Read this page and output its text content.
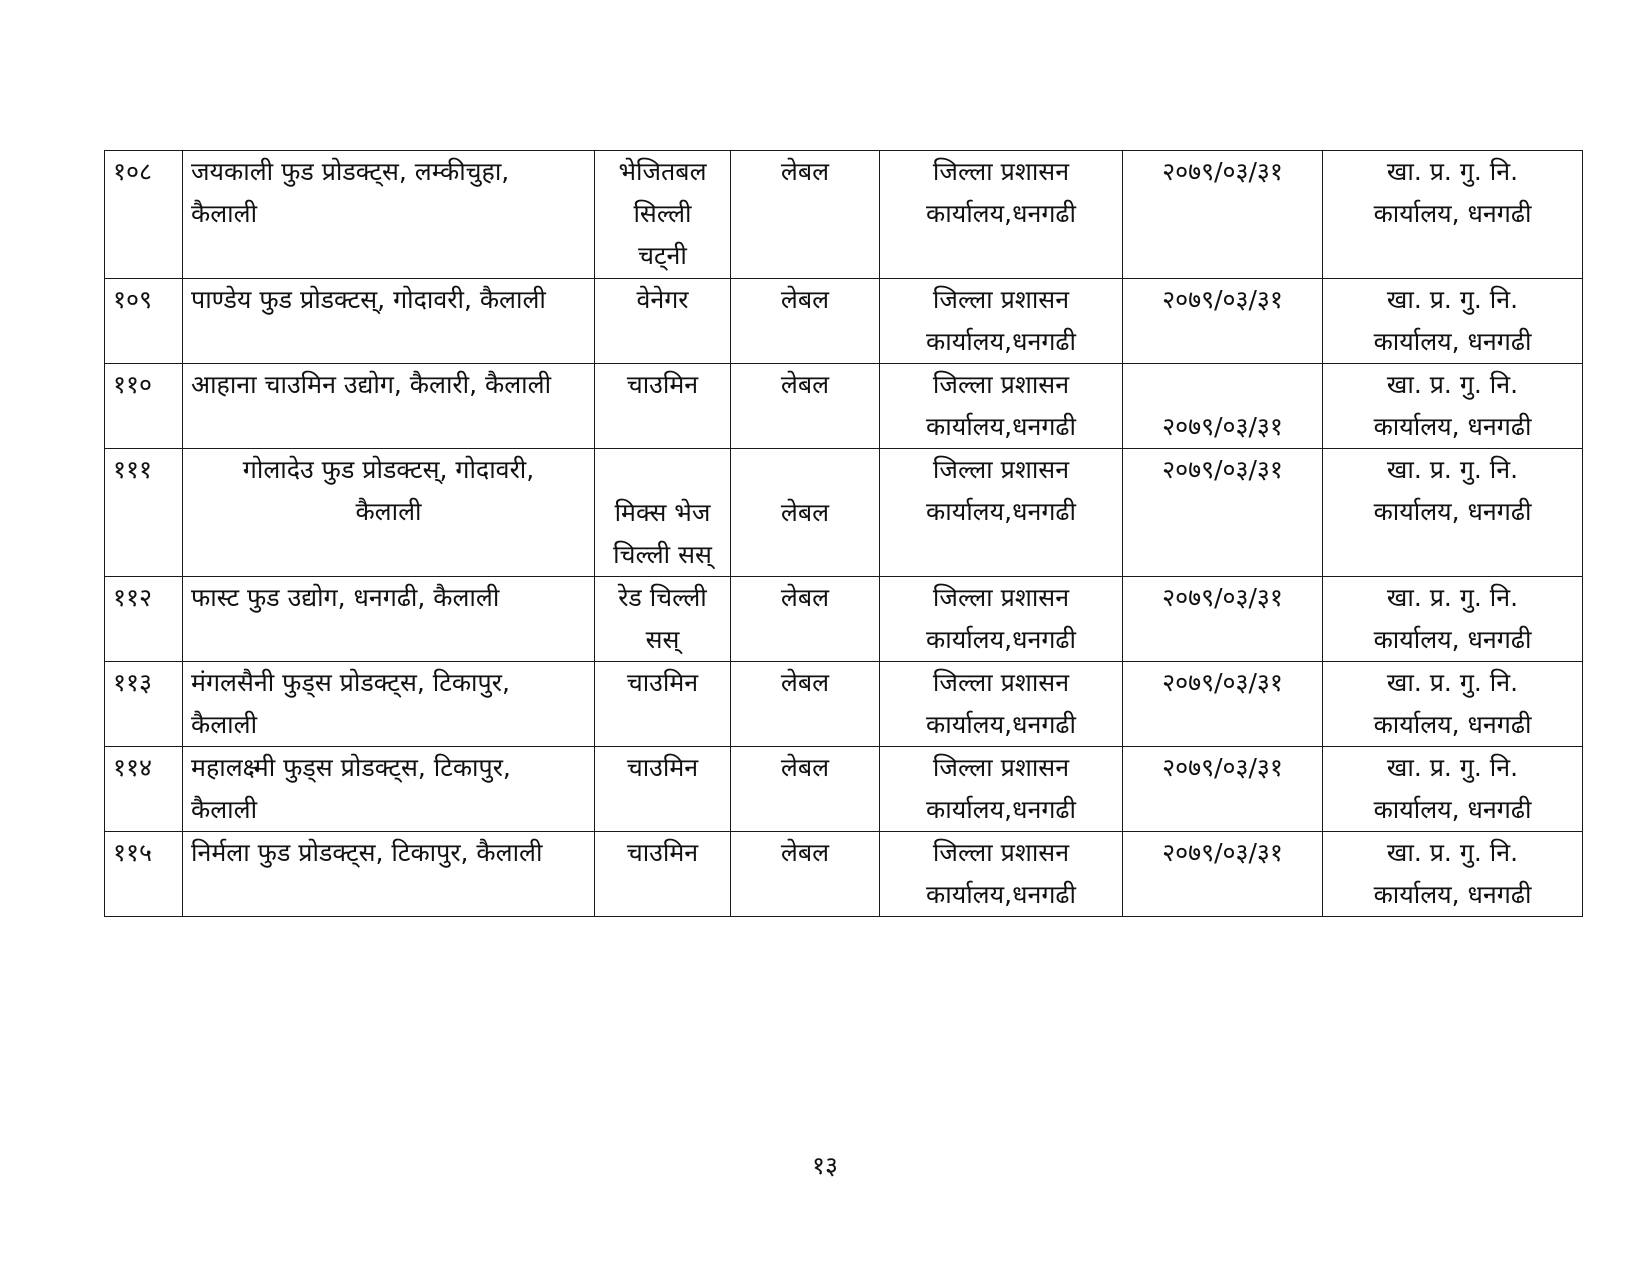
१०८	जयकाली फुड प्रोडक्ट्स, लम्कीचुहा,
कैलाली	भेजितबल
सिल्ली
चट्नी	लेबल	जिल्ला प्रशासन
कार्यालय,धनगढी	२०७९/०३/३१	खा. प्र. गु. नि.
कार्यालय, धनगढी

१०९	पाण्डेय फुड प्रोडक्टस्, गोदावरी, कैलाली	वेनेगर	लेबल	जिल्ला प्रशासन
कार्यालय,धनगढी	२०७९/०३/३१	खा. प्र. गु. नि.
कार्यालय, धनगढी

११०	आहाना चाउमिन उद्योग, कैलारी, कैलाली	चाउमिन	लेबल	जिल्ला प्रशासन
कार्यालय,धनगढी	२०७९/०३/३१	खा. प्र. गु. नि.
कार्यालय, धनगढी

१११	गोलादेउ फुड प्रोडक्टस्, गोदावरी,
कैलाली	मिक्स भेज
चिल्ली सस्	लेबल	जिल्ला प्रशासन
कार्यालय,धनगढी	२०७९/०३/३१	खा. प्र. गु. नि.
कार्यालय, धनगढी

११२	फास्ट फुड उद्योग, धनगढी, कैलाली	रेड चिल्ली
सस्	लेबल	जिल्ला प्रशासन
कार्यालय,धनगढी	२०७९/०३/३१	खा. प्र. गु. नि.
कार्यालय, धनगढी

११३	मंगलसैनी फुड्स प्रोडक्ट्स, टिकापुर,
कैलाली	चाउमिन	लेबल	जिल्ला प्रशासन
कार्यालय,धनगढी	२०७९/०३/३१	खा. प्र. गु. नि.
कार्यालय, धनगढी

११४	महालक्ष्मी फुड्स प्रोडक्ट्स, टिकापुर,
कैलाली	चाउमिन	लेबल	जिल्ला प्रशासन
कार्यालय,धनगढी	२०७९/०३/३१	खा. प्र. गु. नि.
कार्यालय, धनगढी

११५	निर्मला फुड प्रोडक्ट्स, टिकापुर, कैलाली	चाउमिन	लेबल	जिल्ला प्रशासन
कार्यालय,धनगढी	२०७९/०३/३१	खा. प्र. गु. नि.
कार्यालय, धनगढी
१३
